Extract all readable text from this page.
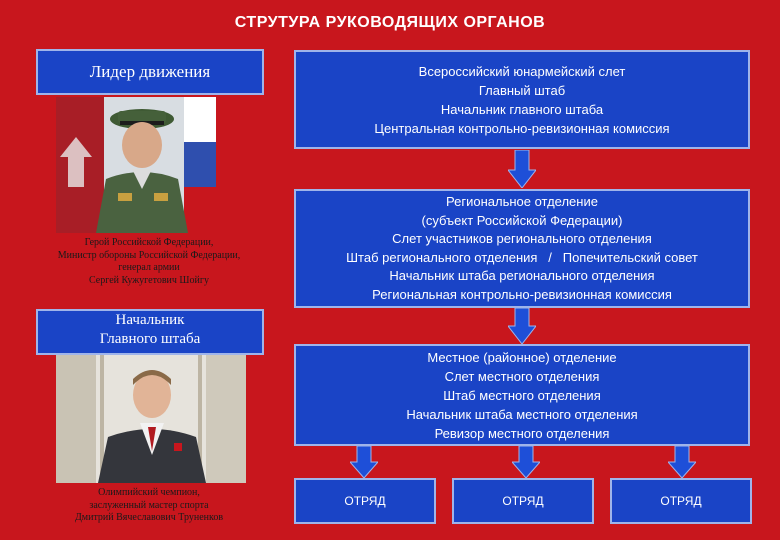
СТРУТУРА РУКОВОДЯЩИХ ОРГАНОВ
Лидер движения
Герой Российской Федерации,
Министр обороны Российской Федерации,
генерал армии
Сергей Кужугетович Шойгу
Начальник
Главного штаба
Олимпийский чемпион,
заслуженный мастер спорта
Дмитрий Вячеславович Труненков
Всероссийский юнармейский слет
Главный штаб
Начальник главного штаба
Центральная контрольно-ревизионная комиссия
Региональное отделение
(субъект Российской Федерации)
Слет участников регионального отделения
Штаб регионального отделения   /   Попечительский совет
Начальник штаба регионального отделения
Региональная контрольно-ревизионная комиссия
Местное (районное) отделение
Слет местного отделения
Штаб местного отделения
Начальник штаба местного отделения
Ревизор местного отделения
ОТРЯД	ОТРЯД	ОТРЯД
